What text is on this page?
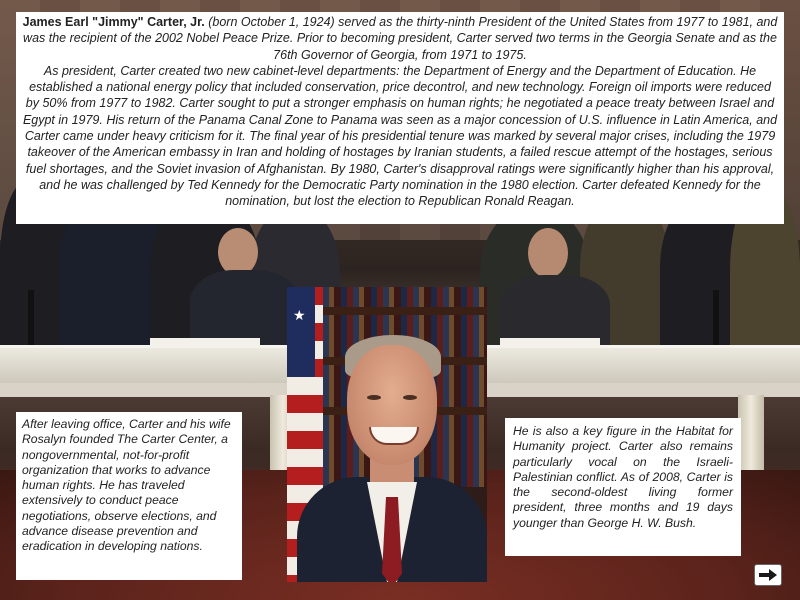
James Earl "Jimmy" Carter, Jr. (born October 1, 1924) served as the thirty-ninth President of the United States from 1977 to 1981, and was the recipient of the 2002 Nobel Peace Prize. Prior to becoming president, Carter served two terms in the Georgia Senate and as the 76th Governor of Georgia, from 1971 to 1975.
As president, Carter created two new cabinet-level departments: the Department of Energy and the Department of Education. He established a national energy policy that included conservation, price decontrol, and new technology. Foreign oil imports were reduced by 50% from 1977 to 1982. Carter sought to put a stronger emphasis on human rights; he negotiated a peace treaty between Israel and Egypt in 1979. His return of the Panama Canal Zone to Panama was seen as a major concession of U.S. influence in Latin America, and Carter came under heavy criticism for it. The final year of his presidential tenure was marked by several major crises, including the 1979 takeover of the American embassy in Iran and holding of hostages by Iranian students, a failed rescue attempt of the hostages, serious fuel shortages, and the Soviet invasion of Afghanistan. By 1980, Carter's disapproval ratings were significantly higher than his approval, and he was challenged by Ted Kennedy for the Democratic Party nomination in the 1980 election. Carter defeated Kennedy for the nomination, but lost the election to Republican Ronald Reagan.
★
After leaving office, Carter and his wife Rosalyn founded The Carter Center, a nongovernmental, not-for-profit organization that works to advance human rights. He has traveled extensively to conduct peace negotiations, observe elections, and advance disease prevention and eradication in developing nations.
He is also a key figure in the Habitat for Humanity project. Carter also remains particularly vocal on the Israeli-Palestinian conflict. As of 2008, Carter is the second-oldest living former president, three months and 19 days younger than George H. W. Bush.
